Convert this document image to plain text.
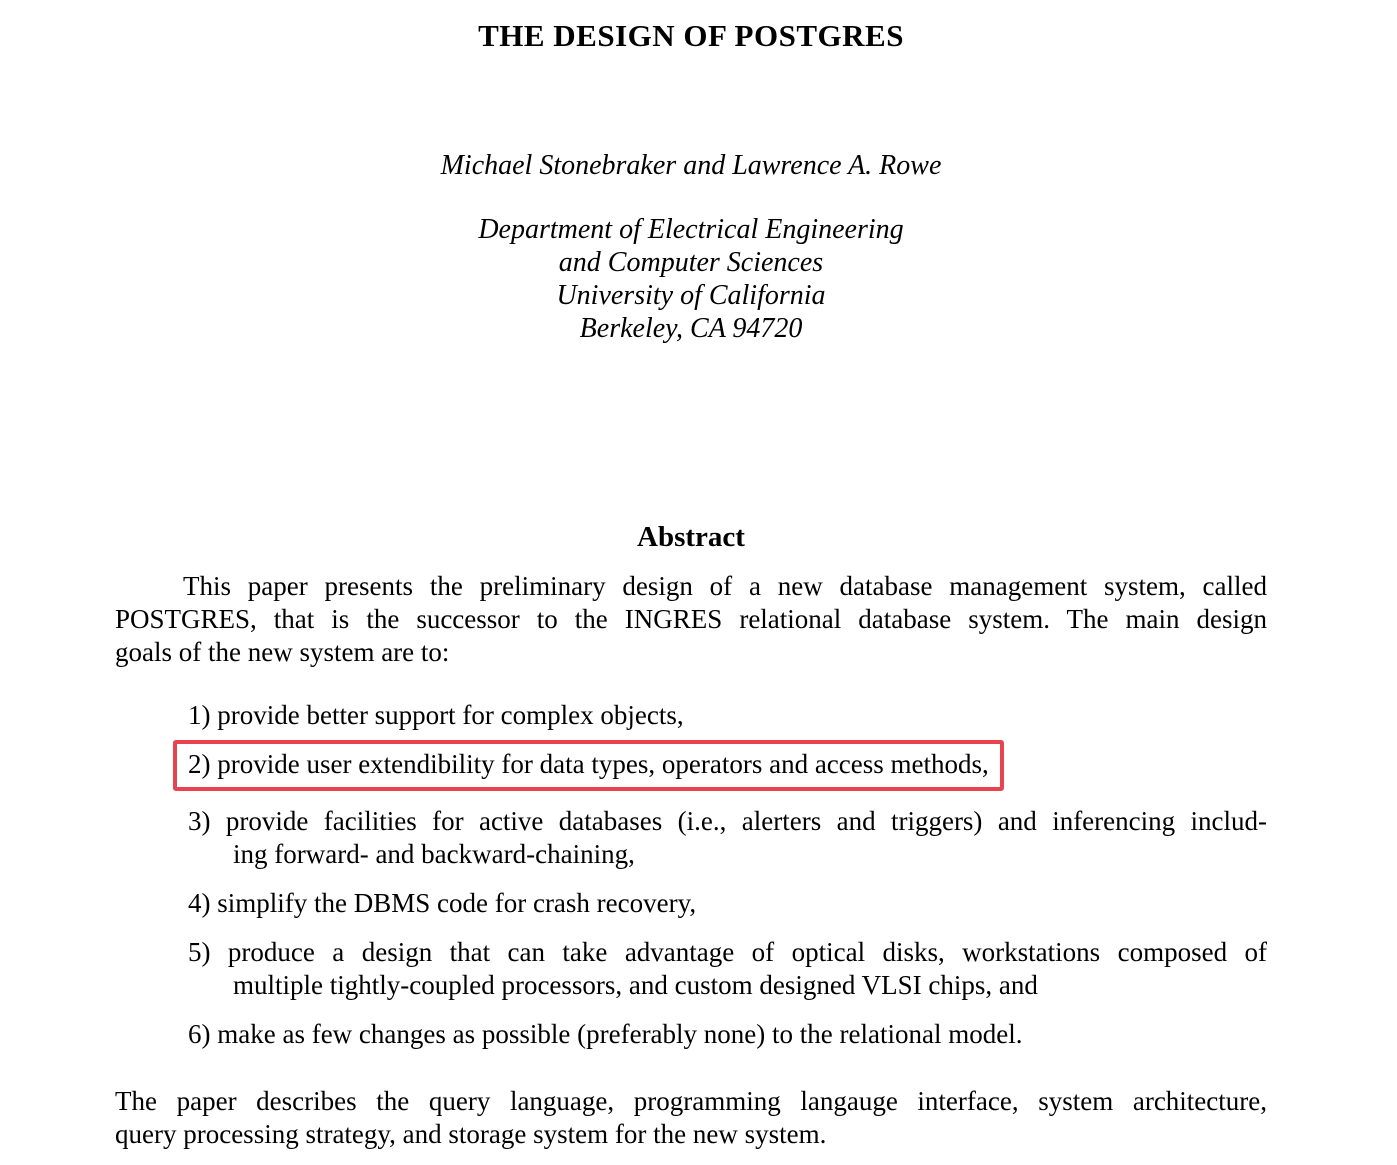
THE DESIGN OF POSTGRES
Michael Stonebraker and Lawrence A. Rowe
Department of Electrical Engineering
and Computer Sciences
University of California
Berkeley, CA 94720
Abstract
This paper presents the preliminary design of a new database management system, called
POSTGRES, that is the successor to the INGRES relational database system. The main design
goals of the new system are to:
1) provide better support for complex objects,
2) provide user extendibility for data types, operators and access methods,
3) provide facilities for active databases (i.e., alerters and triggers) and inferencing includ-
ing forward- and backward-chaining,
4) simplify the DBMS code for crash recovery,
5) produce a design that can take advantage of optical disks, workstations composed of
multiple tightly-coupled processors, and custom designed VLSI chips, and
6) make as few changes as possible (preferably none) to the relational model.
The paper describes the query language, programming langauge interface, system architecture,
query processing strategy, and storage system for the new system.
